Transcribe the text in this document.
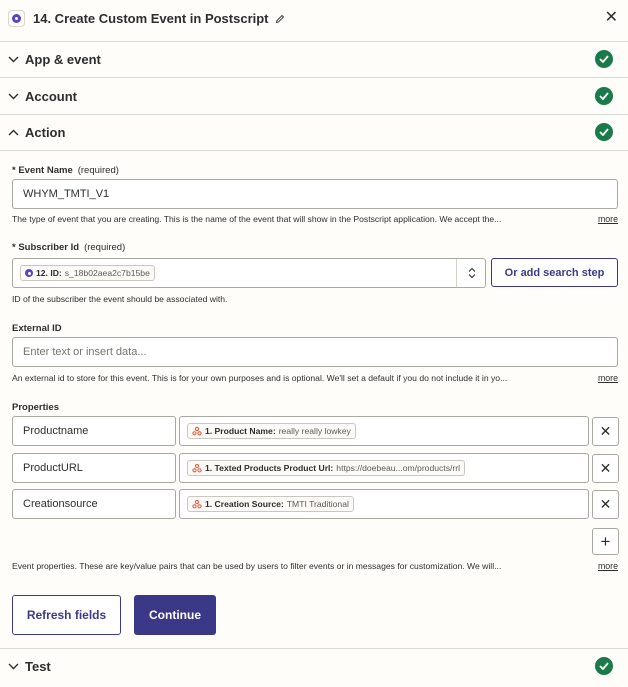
14. Create Custom Event in Postscript	✕
App & event
Account
Action
* Event Name (required)
WHYM_TMTI_V1
The type of event that you are creating. This is the name of the event that will show in the Postscript application. We accept the...	more
* Subscriber Id (required)
12. ID: s_18b02aea2c7b15be	Or add search step
ID of the subscriber the event should be associated with.
External ID
Enter text or insert data...
An external id to store for this event. This is for your own purposes and is optional. We'll set a default if you do not include it in yo...	more
Properties
Productname	1. Product Name: really really lowkey	✕
ProductURL	1. Texted Products Product Url: https://doebeau...om/products/rrl	✕
Creationsource	1. Creation Source: TMTI Traditional	✕
+
Event properties. These are key/value pairs that can be used by users to filter events or in messages for customization. We will...	more
Refresh fields	Continue
Test
